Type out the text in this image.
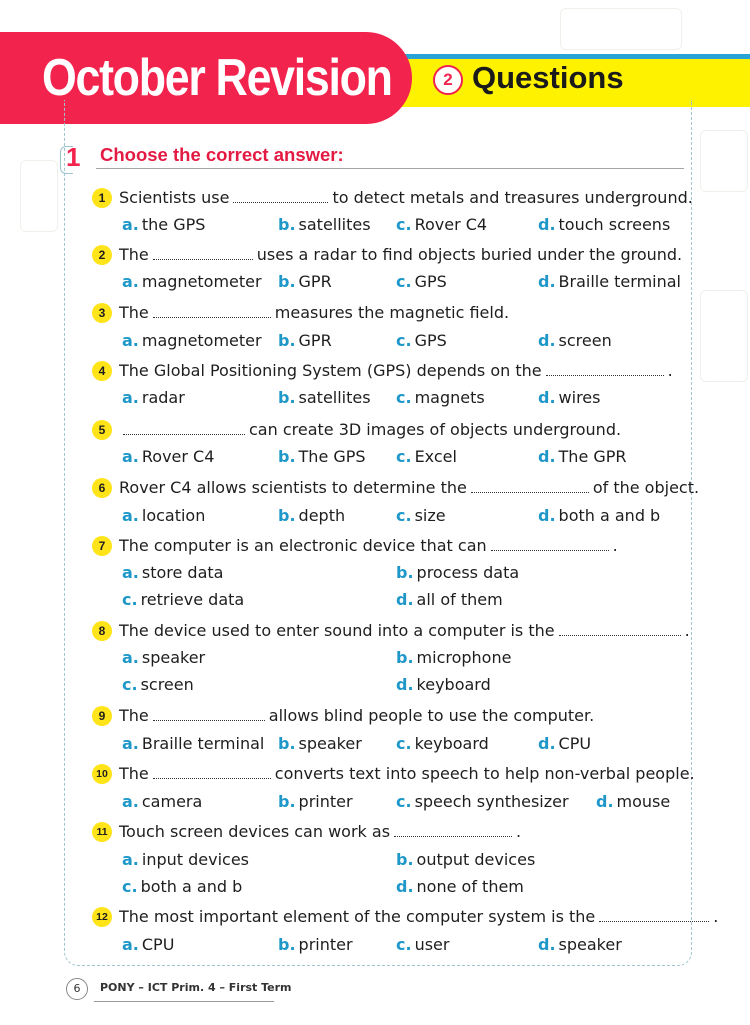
October Revision	2 Questions
1 Choose the correct answer:
1 Scientists use	to detect metals and treasures underground.
a. the GPS	b. satellites c. Rover C4	d. touch screens
2 The	uses a radar to find objects buried under the ground.
a. magnetometer b. GPR	c. GPS	d. Braille terminal
3 The	measures the magnetic field.
a. magnetometer b. GPR	c. GPS	d. screen
4 The Global Positioning System (GPS) depends on the	.
a. radar	b. satellites c. magnets	d. wires
5	can create 3D images of objects underground.
a. Rover C4	b. The GPS c. Excel	d. The GPR
6 Rover C4 allows scientists to determine the	of the object.
a. location	b. depth	c. size	d. both a and b
7 The computer is an electronic device that can	.
a. store data	b. process data
c. retrieve data	d. all of them
8 The device used to enter sound into a computer is the	.
a. speaker	b. microphone
c. screen	d. keyboard
9 The	allows blind people to use the computer.
a. Braille terminal b. speaker c. keyboard	d. CPU
10 The	converts text into speech to help non-verbal people.
a. camera	b. printer	c. speech synthesizer d. mouse
11 Touch screen devices can work as	.
a. input devices	b. output devices
c. both a and b	d. none of them
12 The most important element of the computer system is the	.
a. CPU	b. printer	c. user	d. speaker
6	PONY – ICT Prim. 4 – First Term
